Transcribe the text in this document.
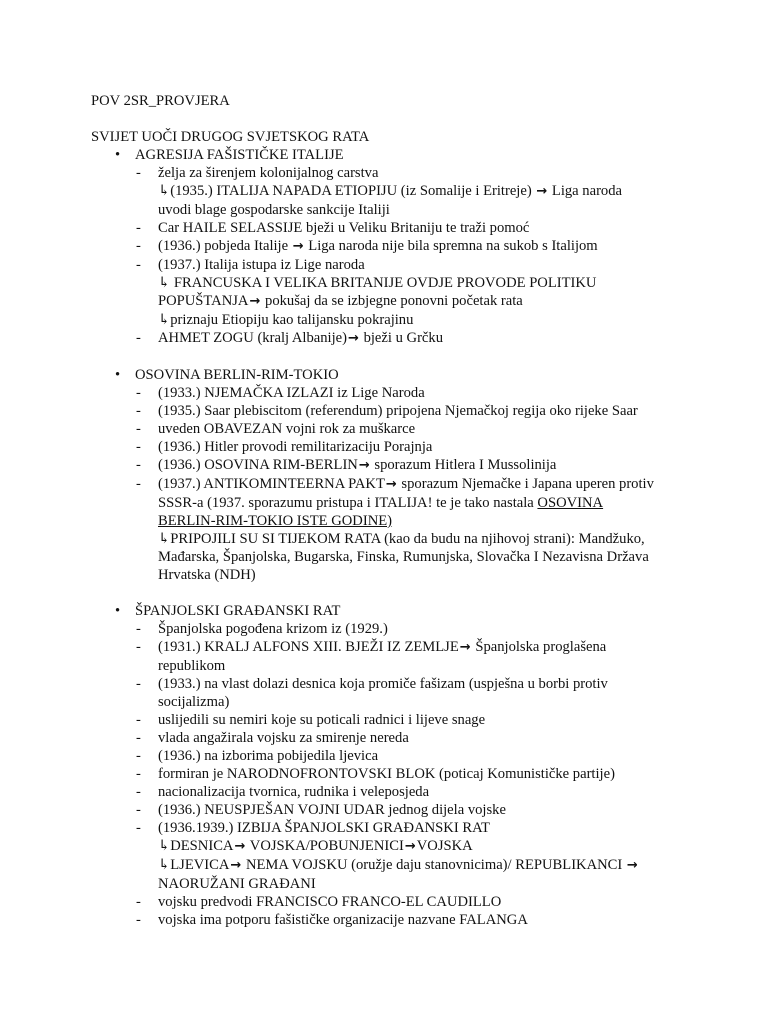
POV 2SR_PROVJERA
SVIJET UOČI DRUGOG SVJETSKOG RATA
• AGRESIJA FAŠISTIČKE ITALIJE
- želja za širenjem kolonijalnog carstva
↳(1935.) ITALIJA NAPADA ETIOPIJU (iz Somalije i Eritreje) → Liga naroda
uvodi blage gospodarske sankcije Italiji
- Car HAILE SELASSIJE bježi u Veliku Britaniju te traži pomoć
- (1936.) pobjeda Italije → Liga naroda nije bila spremna na sukob s Italijom
- (1937.) Italija istupa iz Lige naroda
↳ FRANCUSKA I VELIKA BRITANIJE OVDJE PROVODE POLITIKU
POPUŠTANJA→ pokušaj da se izbjegne ponovni početak rata
↳priznaju Etiopiju kao talijansku pokrajinu
- AHMET ZOGU (kralj Albanije)→ bježi u Grčku
• OSOVINA BERLIN-RIM-TOKIO
- (1933.) NJEMAČKA IZLAZI iz Lige Naroda
- (1935.) Saar plebiscitom (referendum) pripojena Njemačkoj regija oko rijeke Saar
- uveden OBAVEZAN vojni rok za muškarce
- (1936.) Hitler provodi remilitarizaciju Porajnja
- (1936.) OSOVINA RIM-BERLIN→ sporazum Hitlera I Mussolinija
- (1937.) ANTIKOMINTEERNA PAKT→ sporazum Njemačke i Japana uperen protiv
SSSR-a (1937. sporazumu pristupa i ITALIJA! te je tako nastala OSOVINA
BERLIN-RIM-TOKIO ISTE GODINE)
↳PRIPOJILI SU SI TIJEKOM RATA (kao da budu na njihovoj strani): Mandžuko,
Mađarska, Španjolska, Bugarska, Finska, Rumunjska, Slovačka I Nezavisna Država
Hrvatska (NDH)
• ŠPANJOLSKI GRAĐANSKI RAT
- Španjolska pogođena krizom iz (1929.)
- (1931.) KRALJ ALFONS XIII. BJEŽI IZ ZEMLJE→ Španjolska proglašena
republikom
- (1933.) na vlast dolazi desnica koja promiče fašizam (uspješna u borbi protiv
socijalizma)
- uslijedili su nemiri koje su poticali radnici i lijeve snage
- vlada angažirala vojsku za smirenje nereda
- (1936.) na izborima pobijedila ljevica
- formiran je NARODNOFRONTOVSKI BLOK (poticaj Komunističke partije)
- nacionalizacija tvornica, rudnika i veleposjeda
- (1936.) NEUSPJEŠAN VOJNI UDAR jednog dijela vojske
- (1936.1939.) IZBIJA ŠPANJOLSKI GRAĐANSKI RAT
↳DESNICA→ VOJSKA/POBUNJENICI→VOJSKA
↳LJEVICA→ NEMA VOJSKU (oružje daju stanovnicima)/ REPUBLIKANCI →
NAORUŽANI GRAĐANI
- vojsku predvodi FRANCISCO FRANCO-EL CAUDILLO
- vojska ima potporu fašističke organizacije nazvane FALANGA
